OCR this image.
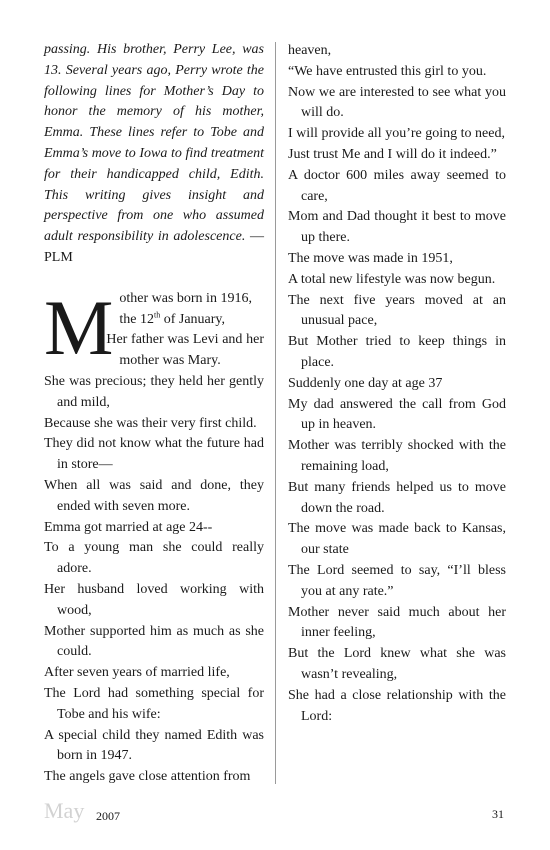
passing. His brother, Perry Lee, was 13. Several years ago, Perry wrote the following lines for Mother’s Day to honor the memory of his mother, Emma. These lines refer to Tobe and Emma’s move to Iowa to find treatment for their handicapped child, Edith. This writing gives insight and perspective from one who assumed adult responsibility in adolescence. —PLM

M other was born in 1916,
the 12th of January,
Her father was Levi and her mother was Mary.

She was precious; they held her gently and mild,

Because she was their very first child.

They did not know what the future had in store—

When all was said and done, they ended with seven more.

Emma got married at age 24--

To a young man she could really adore.

Her husband loved working with wood,

Mother supported him as much as she could.

After seven years of married life,

The Lord had something special for Tobe and his wife:

A special child they named Edith was born in 1947.

The angels gave close attention from

heaven,

“We have entrusted this girl to you.

Now we are interested to see what you will do.

I will provide all you’re going to need,

Just trust Me and I will do it indeed.”

A doctor 600 miles away seemed to care,

Mom and Dad thought it best to move up there.

The move was made in 1951,

A total new lifestyle was now begun.

The next five years moved at an unusual pace,

But Mother tried to keep things in place.

Suddenly one day at age 37

My dad answered the call from God up in heaven.

Mother was terribly shocked with the remaining load,

But many friends helped us to move down the road.

The move was made back to Kansas, our state

The Lord seemed to say, “I’ll bless you at any rate.”

Mother never said much about her inner feeling,

But the Lord knew what she was wasn’t revealing,

She had a close relationship with the Lord:

May 2007	31
